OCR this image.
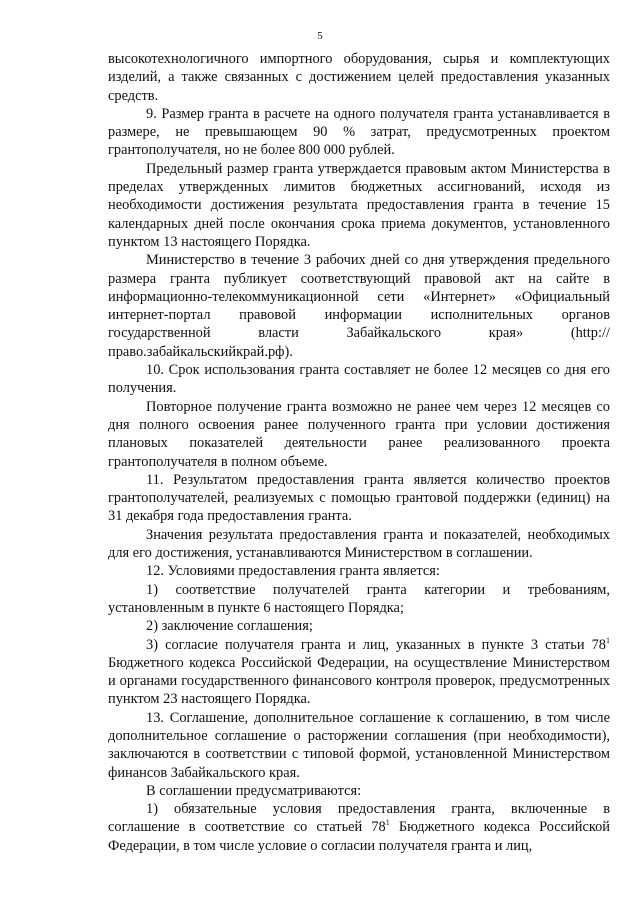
5

высокотехнологичного импортного оборудования, сырья и комплектующих изделий, а также связанных с достижением целей предоставления указанных средств.

9. Размер гранта в расчете на одного получателя гранта устанавливается в размере, не превышающем 90 % затрат, предусмотренных проектом грантополучателя, но не более 800 000 рублей.

Предельный размер гранта утверждается правовым актом Министерства в пределах утвержденных лимитов бюджетных ассигнований, исходя из необходимости достижения результата предоставления гранта в течение 15 календарных дней после окончания срока приема документов, установленного пунктом 13 настоящего Порядка.

Министерство в течение 3 рабочих дней со дня утверждения предельного размера гранта публикует соответствующий правовой акт на сайте в информационно-телекоммуникационной сети «Интернет» «Официальный интернет-портал правовой информации исполнительных органов государственной власти Забайкальского края» (http://право.забайкальскийкрай.рф).

10. Срок использования гранта составляет не более 12 месяцев со дня его получения.

Повторное получение гранта возможно не ранее чем через 12 месяцев со дня полного освоения ранее полученного гранта при условии достижения плановых показателей деятельности ранее реализованного проекта грантополучателя в полном объеме.

11. Результатом предоставления гранта является количество проектов грантополучателей, реализуемых с помощью грантовой поддержки (единиц) на 31 декабря года предоставления гранта.

Значения результата предоставления гранта и показателей, необходимых для его достижения, устанавливаются Министерством в соглашении.

12. Условиями предоставления гранта является:

1) соответствие получателей гранта категории и требованиям, установленным в пункте 6 настоящего Порядка;

2) заключение соглашения;

3) согласие получателя гранта и лиц, указанных в пункте 3 статьи $78^1$ Бюджетного кодекса Российской Федерации, на осуществление Министерством и органами государственного финансового контроля проверок, предусмотренных пунктом 23 настоящего Порядка.

13. Соглашение, дополнительное соглашение к соглашению, в том числе дополнительное соглашение о расторжении соглашения (при необходимости), заключаются в соответствии с типовой формой, установленной Министерством финансов Забайкальского края.

В соглашении предусматриваются:

1) обязательные условия предоставления гранта, включенные в соглашение в соответствие со статьей $78^1$ Бюджетного кодекса Российской Федерации, в том числе условие о согласии получателя гранта и лиц,
